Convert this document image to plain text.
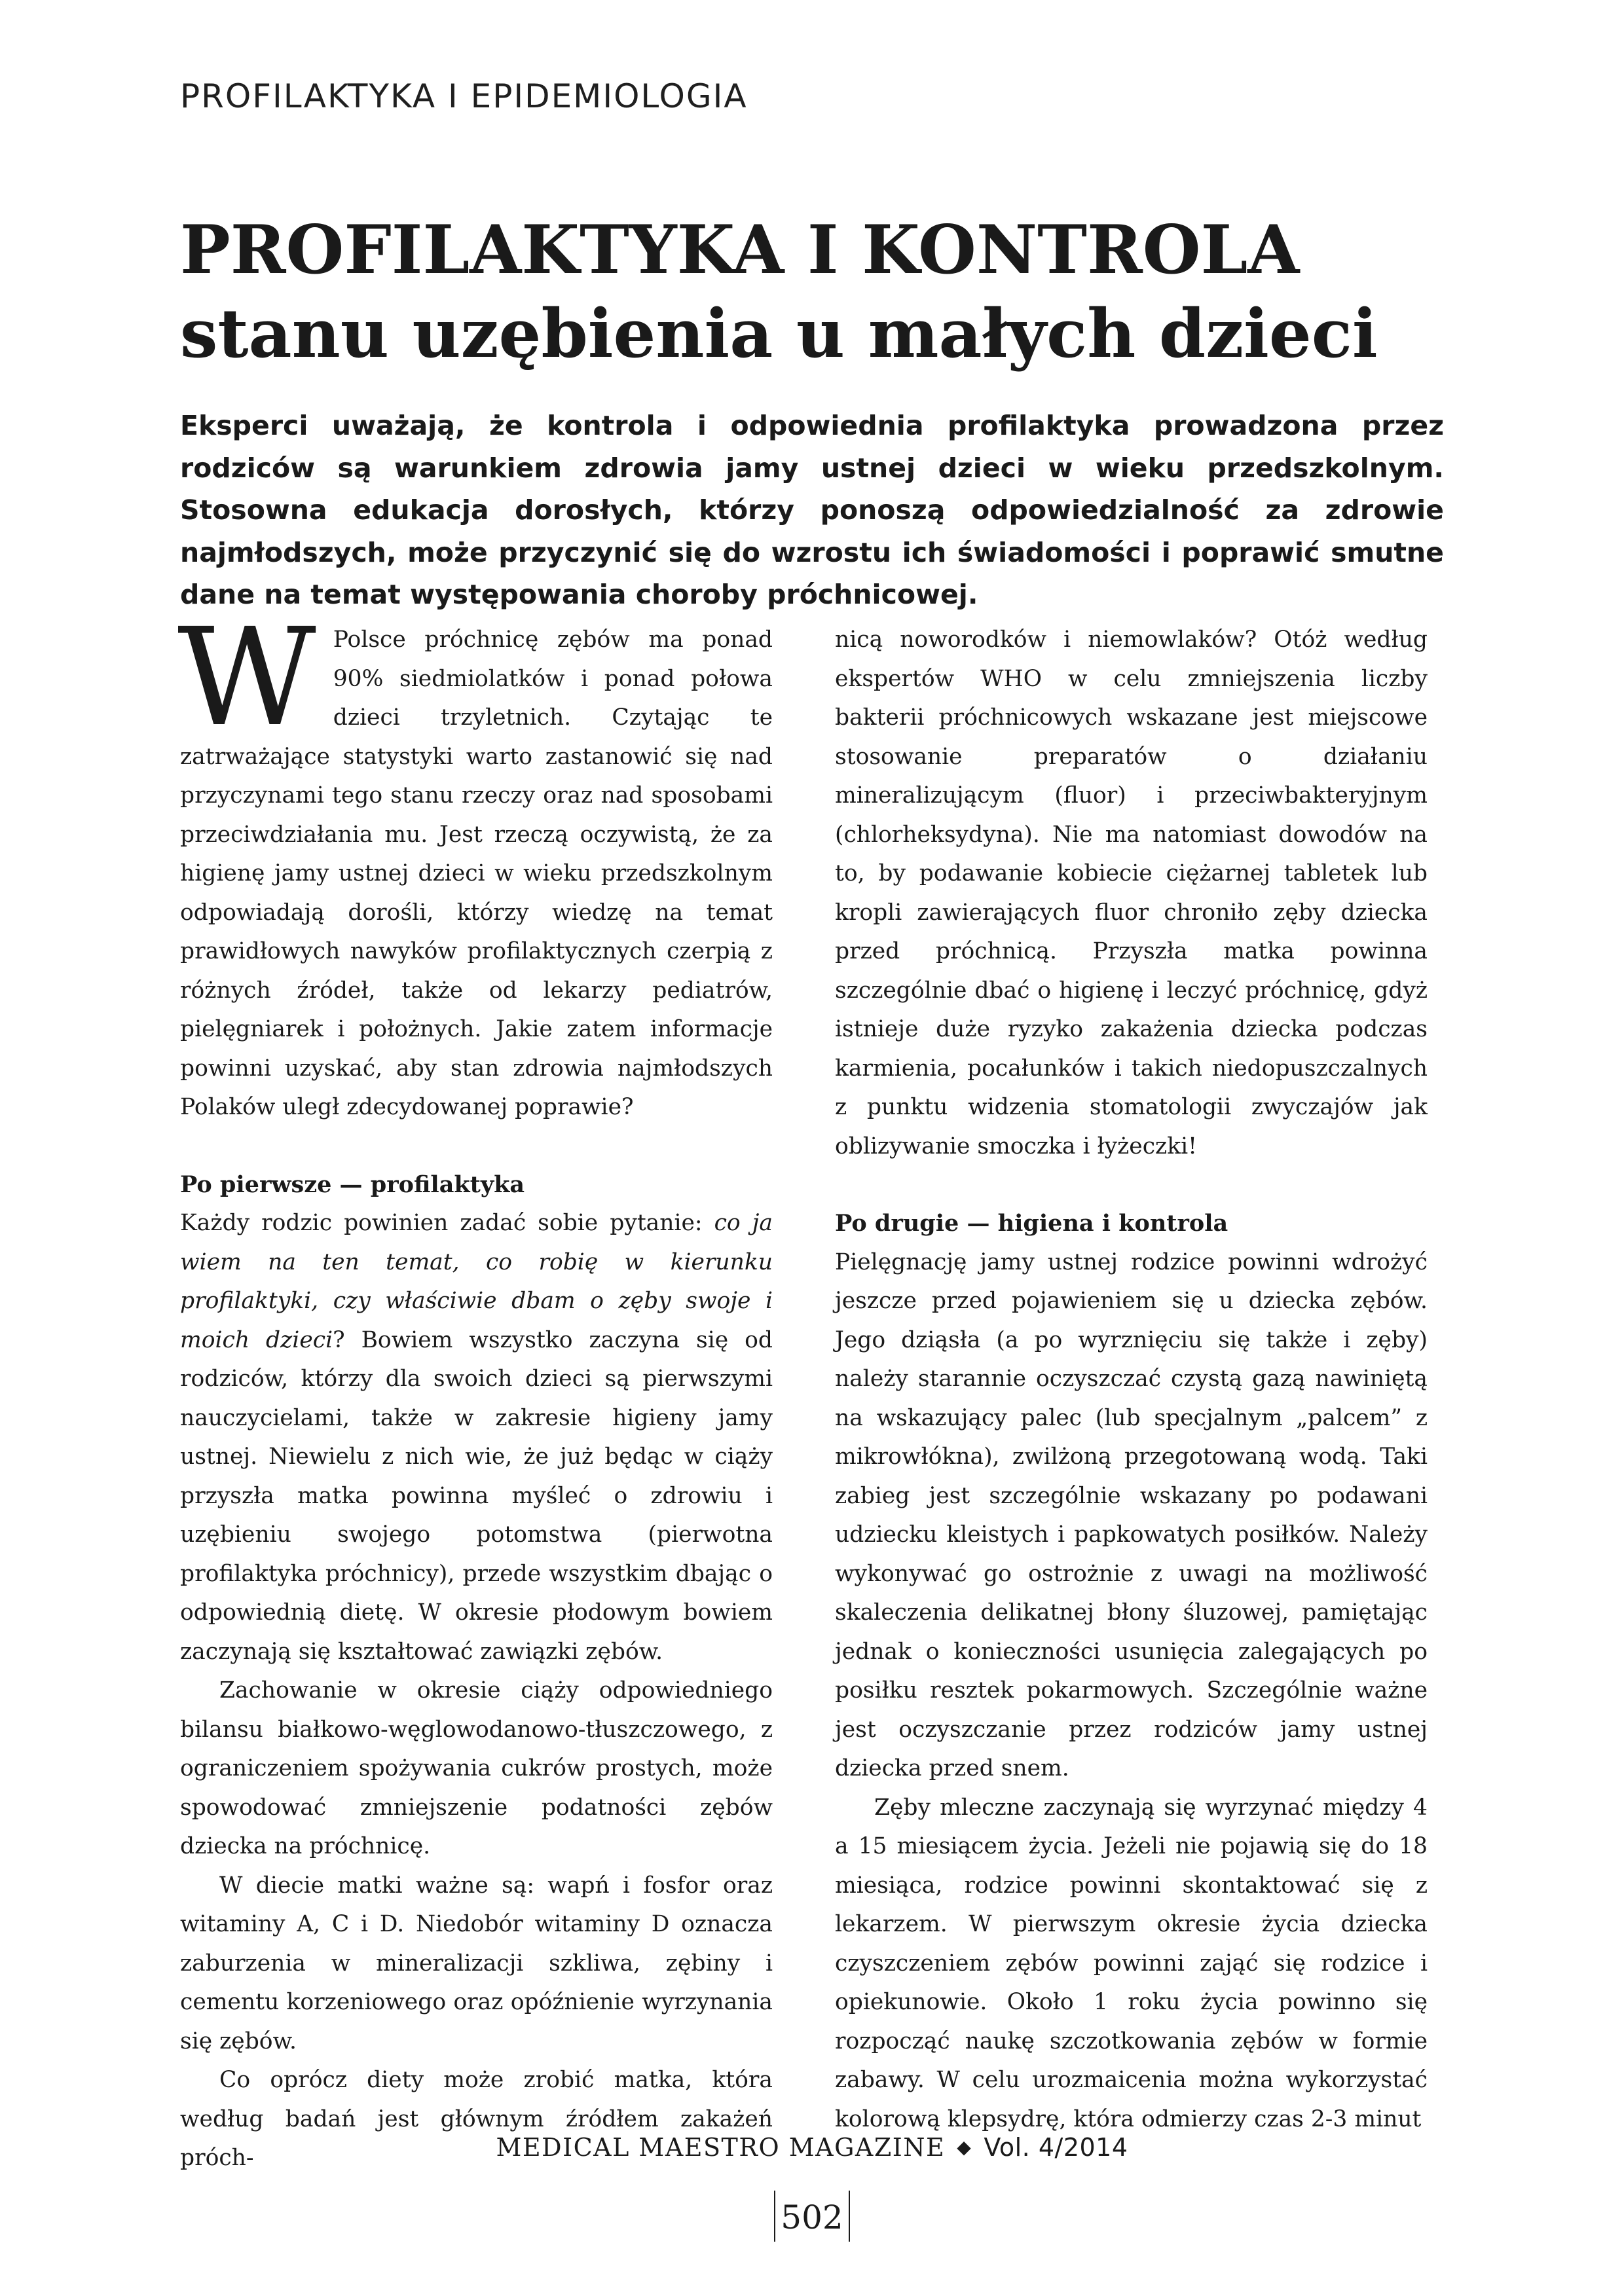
PROFILAKTYKA I EPIDEMIOLOGIA
PROFILAKTYKA I KONTROLA
stanu uzębienia u małych dzieci
Eksperci uważają, że kontrola i odpowiednia profilaktyka prowadzona przez rodziców są warunkiem zdrowia jamy ustnej dzieci w wieku przedszkolnym. Stosowna edukacja dorosłych, którzy ponoszą odpowiedzialność za zdrowie najmłodszych, może przyczynić się do wzrostu ich świadomości i poprawić smutne dane na temat występowania choroby próchnicowej.

W Polsce próchnicę zębów ma ponad 90% siedmiolatków i ponad połowa dzieci trzyletnich. Czytając te zatrważające statystyki warto zastanowić się nad przyczynami tego stanu rzeczy oraz nad sposobami przeciwdziałania mu. Jest rzeczą oczywistą, że za higienę jamy ustnej dzieci w wieku przedszkolnym odpowiadają dorośli, którzy wiedzę na temat prawidłowych nawyków profilaktycznych czerpią z różnych źródeł, także od lekarzy pediatrów, pielęgniarek i położnych. Jakie zatem informacje powinni uzyskać, aby stan zdrowia najmłodszych Polaków uległ zdecydowanej poprawie?

Po pierwsze — profilaktyka

Każdy rodzic powinien zadać sobie pytanie: co ja wiem na ten temat, co robię w kierunku profilaktyki, czy właściwie dbam o zęby swoje i moich dzieci? Bowiem wszystko zaczyna się od rodziców, którzy dla swoich dzieci są pierwszymi nauczycielami, także w zakresie higieny jamy ustnej. Niewielu z nich wie, że już będąc w ciąży przyszła matka powinna myśleć o zdrowiu i uzębieniu swojego potomstwa (pierwotna profilaktyka próchnicy), przede wszystkim dbając o odpowiednią dietę. W okresie płodowym bowiem zaczynają się kształtować zawiązki zębów.

Zachowanie w okresie ciąży odpowiedniego bilansu białkowo-węglowodanowo-tłuszczowego, z ograniczeniem spożywania cukrów prostych, może spowodować zmniejszenie podatności zębów dziecka na próchnicę.

W diecie matki ważne są: wapń i fosfor oraz witaminy A, C i D. Niedobór witaminy D oznacza zaburzenia w mineralizacji szkliwa, zębiny i cementu korzeniowego oraz opóźnienie wyrzynania się zębów.

Co oprócz diety może zrobić matka, która według badań jest głównym źródłem zakażeń próch-

nicą noworodków i niemowlaków? Otóż według ekspertów WHO w celu zmniejszenia liczby bakterii próchnicowych wskazane jest miejscowe stosowanie preparatów o działaniu mineralizującym (fluor) i przeciwbakteryjnym (chlorheksydyna). Nie ma natomiast dowodów na to, by podawanie kobiecie ciężarnej tabletek lub kropli zawierających fluor chroniło zęby dziecka przed próchnicą. Przyszła matka powinna szczególnie dbać o higienę i leczyć próchnicę, gdyż istnieje duże ryzyko zakażenia dziecka podczas karmienia, pocałunków i takich niedopuszczalnych z punktu widzenia stomatologii zwyczajów jak oblizywanie smoczka i łyżeczki!

Po drugie — higiena i kontrola

Pielęgnację jamy ustnej rodzice powinni wdrożyć jeszcze przed pojawieniem się u dziecka zębów. Jego dziąsła (a po wyrznięciu się także i zęby) należy starannie oczyszczać czystą gazą nawiniętą na wskazujący palec (lub specjalnym „palcem” z mikrowłókna), zwilżoną przegotowaną wodą. Taki zabieg jest szczególnie wskazany po podawani udziecku kleistych i papkowatych posiłków. Należy wykonywać go ostrożnie z uwagi na możliwość skaleczenia delikatnej błony śluzowej, pamiętając jednak o konieczności usunięcia zalegających po posiłku resztek pokarmowych. Szczególnie ważne jest oczyszczanie przez rodziców jamy ustnej dziecka przed snem.

Zęby mleczne zaczynają się wyrzynać między 4 a 15 miesiącem życia. Jeżeli nie pojawią się do 18 miesiąca, rodzice powinni skontaktować się z lekarzem. W pierwszym okresie życia dziecka czyszczeniem zębów powinni zająć się rodzice i opiekunowie. Około 1 roku życia powinno się rozpocząć naukę szczotkowania zębów w formie zabawy. W celu urozmaicenia można wykorzystać kolorową klepsydrę, która odmierzy czas 2-3 minut

MEDICAL MAESTRO MAGAZINE ◆ Vol. 4/2014
502
